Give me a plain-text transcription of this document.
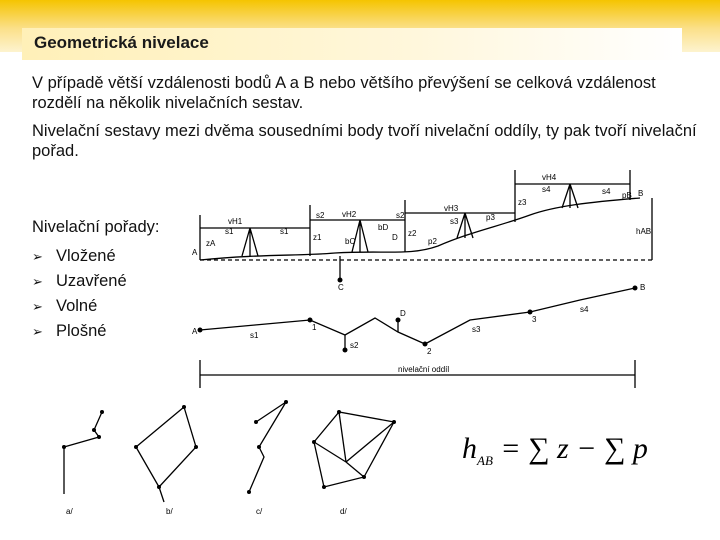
Geometrická nivelace

V případě větší vzdálenosti bodů A a B nebo většího převýšení se celková vzdálenost rozdělí na několik nivelačních sestav.

Nivelační sestavy mezi dvěma sousedními body tvoří nivelační oddíly, ty pak tvoří nivelační pořad.

Nivelační pořady:
➢ Vložené
➢ Uzavřené
➢ Volné
➢ Plošné
A
zA
vH1
s1	s1
z1
s2 vH2
bC
bD
D z2
p2
s2
vH3
s3	p3
z3
vH4
s4	s4 pB B
hAB
C
A	s1
1
s2
D
2
s3
3
s4
B
nivelační oddíl
a/	b/	c/	d/
$h_{AB}$ = ∑ z − ∑ p
